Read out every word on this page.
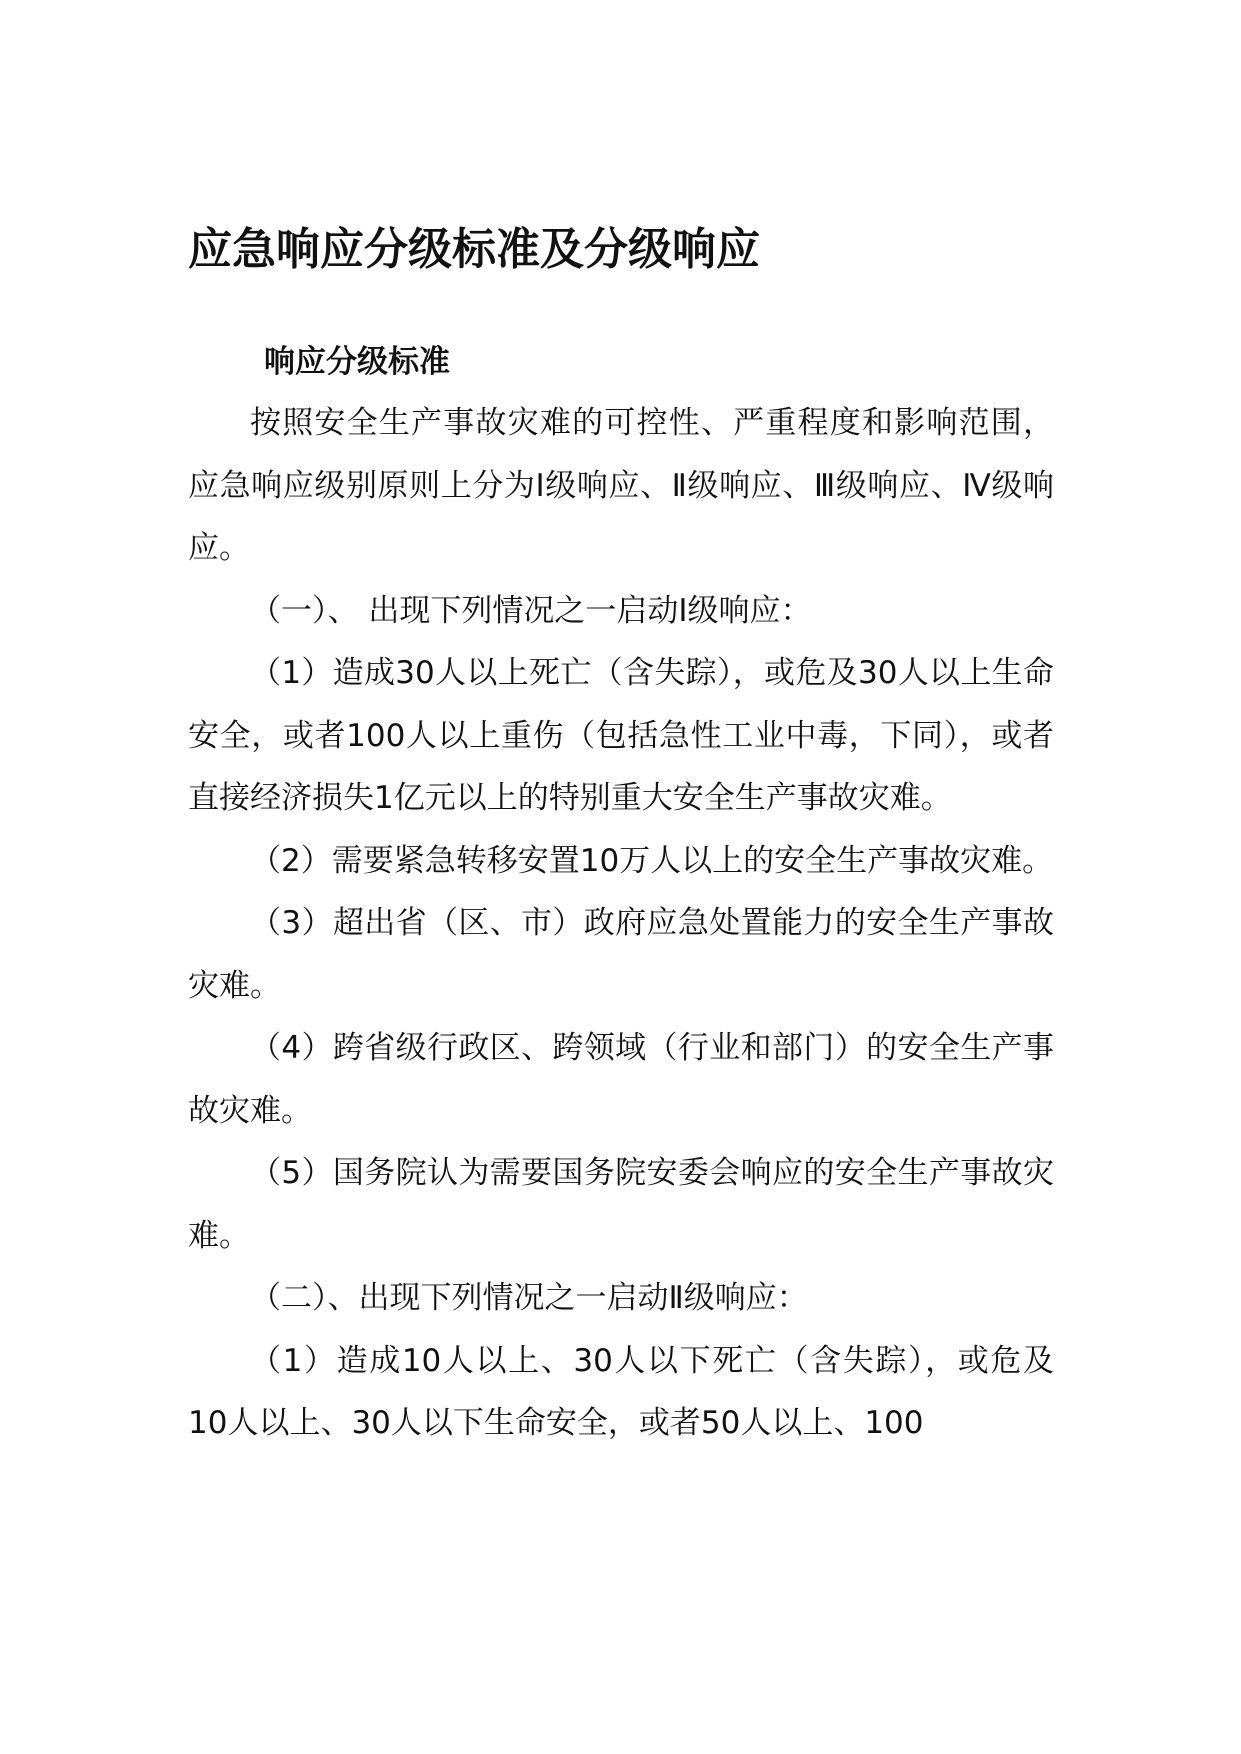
应急响应分级标准及分级响应
响应分级标准

按照安全生产事故灾难的可控性、严重程度和影响范围，应急响应级别原则上分为Ⅰ级响应、Ⅱ级响应、Ⅲ级响应、Ⅳ级响应。

（一）、 出现下列情况之一启动Ⅰ级响应：

（1）造成30人以上死亡（含失踪），或危及30人以上生命安全，或者100人以上重伤（包括急性工业中毒，下同），或者直接经济损失1亿元以上的特别重大安全生产事故灾难。

（2）需要紧急转移安置10万人以上的安全生产事故灾难。

（3）超出省（区、市）政府应急处置能力的安全生产事故灾难。

（4）跨省级行政区、跨领域（行业和部门）的安全生产事故灾难。

（5）国务院认为需要国务院安委会响应的安全生产事故灾难。

（二）、出现下列情况之一启动Ⅱ级响应：

（1）造成10人以上、30人以下死亡（含失踪），或危及10人以上、30人以下生命安全，或者50人以上、100
